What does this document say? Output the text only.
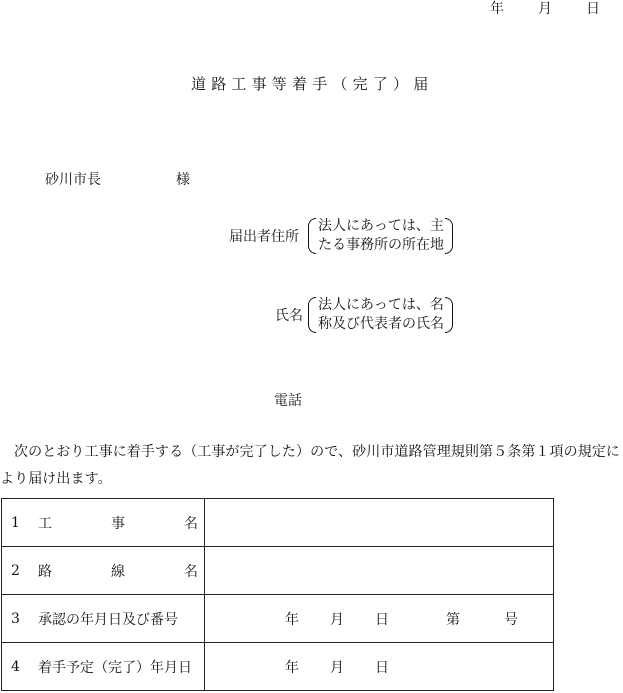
年 月 日
道路工事等着手（完了）届
砂川市長	様
届出者住所
法人にあっては、主
たる事務所の所在地
氏名
法人にあっては、名
称及び代表者の氏名
電話
次のとおり工事に着手する（工事が完了した）ので、砂川市道路管理規則第５条第１項の規定により届け出ます。
1 工 事 名	

2 路 線 名	

3 承認の年月日及び番号	年 月 日 第 号

4 着手予定（完了）年月日	年 月 日
